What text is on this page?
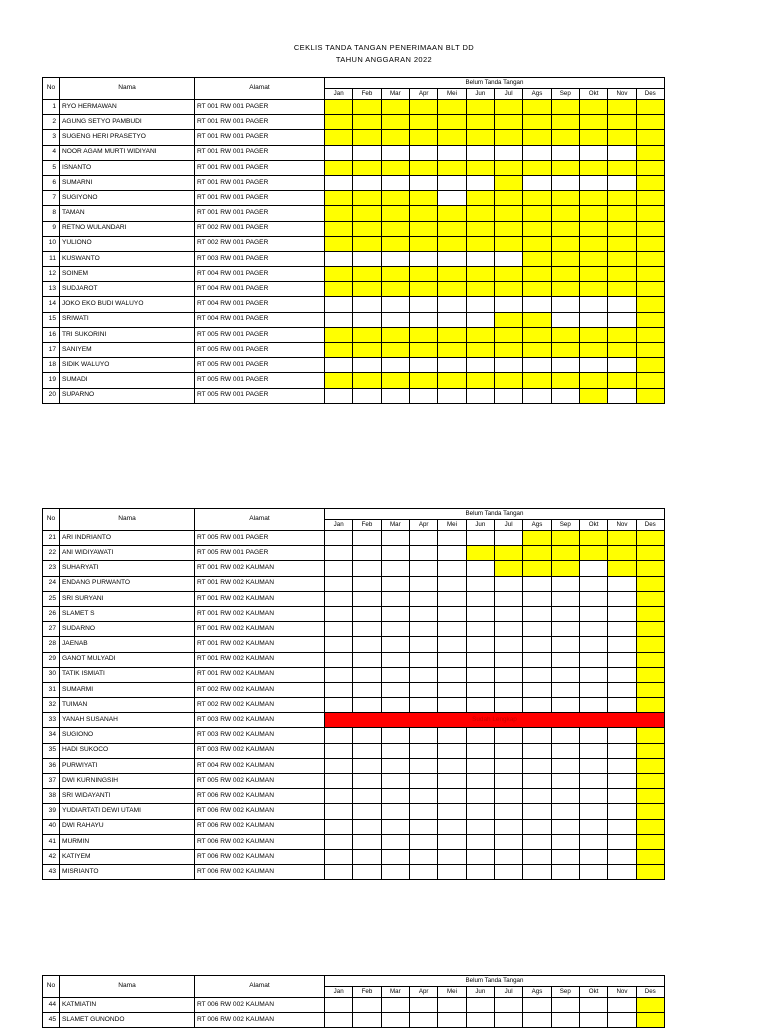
CEKLIS TANDA TANGAN PENERIMAAN BLT DD
TAHUN ANGGARAN 2022
No	Nama	Alamat	Belum Tanda Tangan											
			Jan	Feb	Mar	Apr	Mei	Jun	Jul	Ags	Sep	Okt	Nov	Des
1	RYO HERMAWAN	RT 001 RW 001 PAGER												
2	AGUNG SETYO PAMBUDI	RT 001 RW 001 PAGER												
3	SUGENG HERI PRASETYO	RT 001 RW 001 PAGER												
4	NOOR AGAM MURTI WIDIYANI	RT 001 RW 001 PAGER												
5	ISNANTO	RT 001 RW 001 PAGER												
6	SUMARNI	RT 001 RW 001 PAGER												
7	SUGIYONO	RT 001 RW 001 PAGER												
8	TAMAN	RT 001 RW 001 PAGER												
9	RETNO WULANDARI	RT 002 RW 001 PAGER												
10	YULIONO	RT 002 RW 001 PAGER												
11	KUSWANTO	RT 003 RW 001 PAGER												
12	SOINEM	RT 004 RW 001 PAGER												
13	SUDJAROT	RT 004 RW 001 PAGER												
14	JOKO EKO BUDI WALUYO	RT 004 RW 001 PAGER												
15	SRIWATI	RT 004 RW 001 PAGER												
16	TRI SUKORINI	RT 005 RW 001 PAGER												
17	SANIYEM	RT 005 RW 001 PAGER												
18	SIDIK WALUYO	RT 005 RW 001 PAGER												
19	SUMADI	RT 005 RW 001 PAGER												
20	SUPARNO	RT 005 RW 001 PAGER												
No	Nama	Alamat	Belum Tanda Tangan											
			Jan	Feb	Mar	Apr	Mei	Jun	Jul	Ags	Sep	Okt	Nov	Des
21	ARI INDRIANTO	RT 005 RW 001 PAGER												
22	ANI WIDIYAWATI	RT 005 RW 001 PAGER												
23	SUHARYATI	RT 001 RW 002 KAUMAN												
24	ENDANG PURWANTO	RT 001 RW 002 KAUMAN												
25	SRI SURYANI	RT 001 RW 002 KAUMAN												
26	SLAMET S	RT 001 RW 002 KAUMAN												
27	SUDARNO	RT 001 RW 002 KAUMAN												
28	JAENAB	RT 001 RW 002 KAUMAN												
29	GANOT MULYADI	RT 001 RW 002 KAUMAN												
30	TATIK ISMIATI	RT 001 RW 002 KAUMAN												
31	SUMARMI	RT 002 RW 002 KAUMAN												
32	TUIMAN	RT 002 RW 002 KAUMAN												
33	YANAH SUSANAH	RT 003 RW 002 KAUMAN	Sudah Lengkap											
34	SUGIONO	RT 003 RW 002 KAUMAN												
35	HADI SUKOCO	RT 003 RW 002 KAUMAN												
36	PURWIYATI	RT 004 RW 002 KAUMAN												
37	DWI KURNINGSIH	RT 005 RW 002 KAUMAN												
38	SRI WIDAYANTI	RT 006 RW 002 KAUMAN												
39	YUDIARTATI DEWI UTAMI	RT 006 RW 002 KAUMAN												
40	DWI RAHAYU	RT 006 RW 002 KAUMAN												
41	MURMIN	RT 006 RW 002 KAUMAN												
42	KATIYEM	RT 006 RW 002 KAUMAN												
43	MISRIANTO	RT 006 RW 002 KAUMAN												
No	Nama	Alamat	Belum Tanda Tangan											
			Jan	Feb	Mar	Apr	Mei	Jun	Jul	Ags	Sep	Okt	Nov	Des
44	KATMIATIN	RT 006 RW 002 KAUMAN												
45	SLAMET GUNONDO	RT 006 RW 002 KAUMAN												
